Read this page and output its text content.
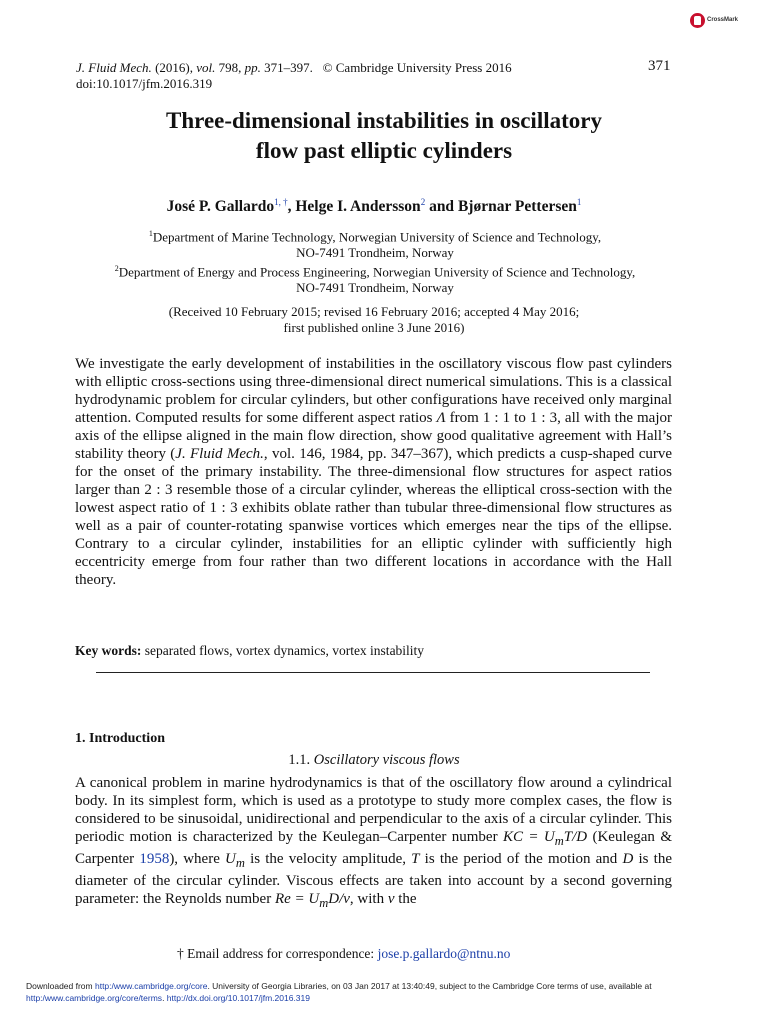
CrossMark
J. Fluid Mech. (2016), vol. 798, pp. 371–397. © Cambridge University Press 2016
doi:10.1017/jfm.2016.319
371
Three-dimensional instabilities in oscillatory
flow past elliptic cylinders
José P. Gallardo$^{1, \dagger}$, Helge I. Andersson$^2$ and Bjørnar Pettersen$^1$
$^1$Department of Marine Technology, Norwegian University of Science and Technology,
NO-7491 Trondheim, Norway
$^2$Department of Energy and Process Engineering, Norwegian University of Science and Technology,
NO-7491 Trondheim, Norway
(Received 10 February 2015; revised 16 February 2016; accepted 4 May 2016;
first published online 3 June 2016)

We investigate the early development of instabilities in the oscillatory viscous flow past cylinders with elliptic cross-sections using three-dimensional direct numerical simulations. This is a classical hydrodynamic problem for circular cylinders, but other configurations have received only marginal attention. Computed results for some different aspect ratios Λ from 1 : 1 to 1 : 3, all with the major axis of the ellipse aligned in the main flow direction, show good qualitative agreement with Hall’s stability theory (J. Fluid Mech., vol. 146, 1984, pp. 347–367), which predicts a cusp-shaped curve for the onset of the primary instability. The three-dimensional flow structures for aspect ratios larger than 2 : 3 resemble those of a circular cylinder, whereas the elliptical cross-section with the lowest aspect ratio of 1 : 3 exhibits oblate rather than tubular three-dimensional flow structures as well as a pair of counter-rotating spanwise vortices which emerges near the tips of the ellipse. Contrary to a circular cylinder, instabilities for an elliptic cylinder with sufficiently high eccentricity emerge from four rather than two different locations in accordance with the Hall theory.

Key words: separated flows, vortex dynamics, vortex instability
1. Introduction
1.1. Oscillatory viscous flows

A canonical problem in marine hydrodynamics is that of the oscillatory flow around a cylindrical body. In its simplest form, which is used as a prototype to study more complex cases, the flow is considered to be sinusoidal, unidirectional and perpendicular to the axis of a circular cylinder. This periodic motion is characterized by the Keulegan–Carpenter number KC = $U_mT/D$ (Keulegan & Carpenter 1958), where $U_m$ is the velocity amplitude, T is the period of the motion and D is the diameter of the circular cylinder. Viscous effects are taken into account by a second governing parameter: the Reynolds number $Re = U_mD/\nu$, with ν the

† Email address for correspondence: jose.p.gallardo@ntnu.no
Downloaded from http:/www.cambridge.org/core. University of Georgia Libraries, on 03 Jan 2017 at 13:40:49, subject to the Cambridge Core terms of use, available at
http:/www.cambridge.org/core/terms. http://dx.doi.org/10.1017/jfm.2016.319
